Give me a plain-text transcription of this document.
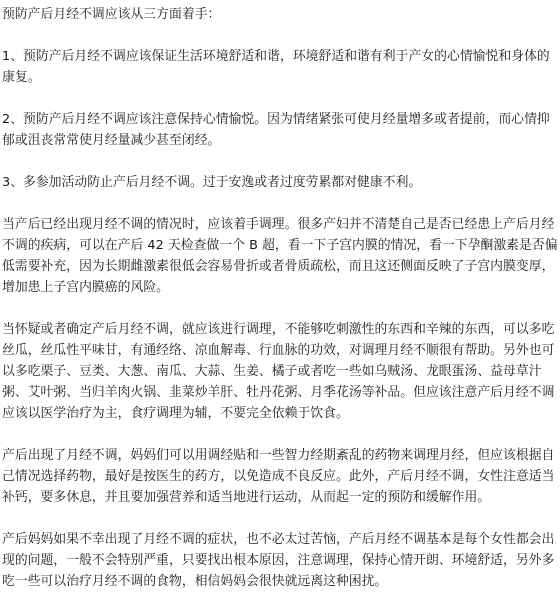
预防产后月经不调应该从三方面着手：

1、预防产后月经不调应该保证生活环境舒适和谐，环境舒适和谐有利于产女的心情愉悦和身体的康复。

2、预防产后月经不调应该注意保持心情愉悦。因为情绪紧张可使月经量增多或者提前，而心情抑郁或沮丧常常使月经量减少甚至闭经。

3、多参加活动防止产后月经不调。过于安逸或者过度劳累都对健康不利。

当产后已经出现月经不调的情况时，应该着手调理。很多产妇并不清楚自己是否已经患上产后月经不调的疾病，可以在产后 42 天检查做一个 B 超，看一下子宫内膜的情况，看一下孕酮激素是否偏低需要补充，因为长期雌激素很低会容易骨折或者骨质疏松，而且这还侧面反映了子宫内膜变厚，增加患上子宫内膜癌的风险。

当怀疑或者确定产后月经不调，就应该进行调理，不能够吃刺激性的东西和辛辣的东西，可以多吃丝瓜，丝瓜性平味甘，有通经络、凉血解毒、行血脉的功效，对调理月经不顺很有帮助。另外也可以多吃栗子、豆类、大葱、南瓜、大蒜、生姜、橘子或者吃一些如乌贼汤、龙眼蛋汤、益母草汁粥、艾叶粥、当归羊肉火锅、韭菜炒羊肝、牡丹花粥、月季花汤等补品。但应该注意产后月经不调应该以医学治疗为主，食疗调理为辅，不要完全依赖于饮食。

产后出现了月经不调，妈妈们可以用调经贴和一些智力经期紊乱的药物来调理月经，但应该根据自己情况选择药物，最好是按医生的药方，以免造成不良反应。此外，产后月经不调，女性注意适当补钙，要多休息，并且要加强营养和适当地进行运动，从而起一定的预防和缓解作用。

产后妈妈如果不幸出现了月经不调的症状，也不必太过苦恼，产后月经不调基本是每个女性都会出现的问题，一般不会特别严重，只要找出根本原因，注意调理，保持心情开朗、环境舒适，另外多吃一些可以治疗月经不调的食物，相信妈妈会很快就远离这种困扰。
